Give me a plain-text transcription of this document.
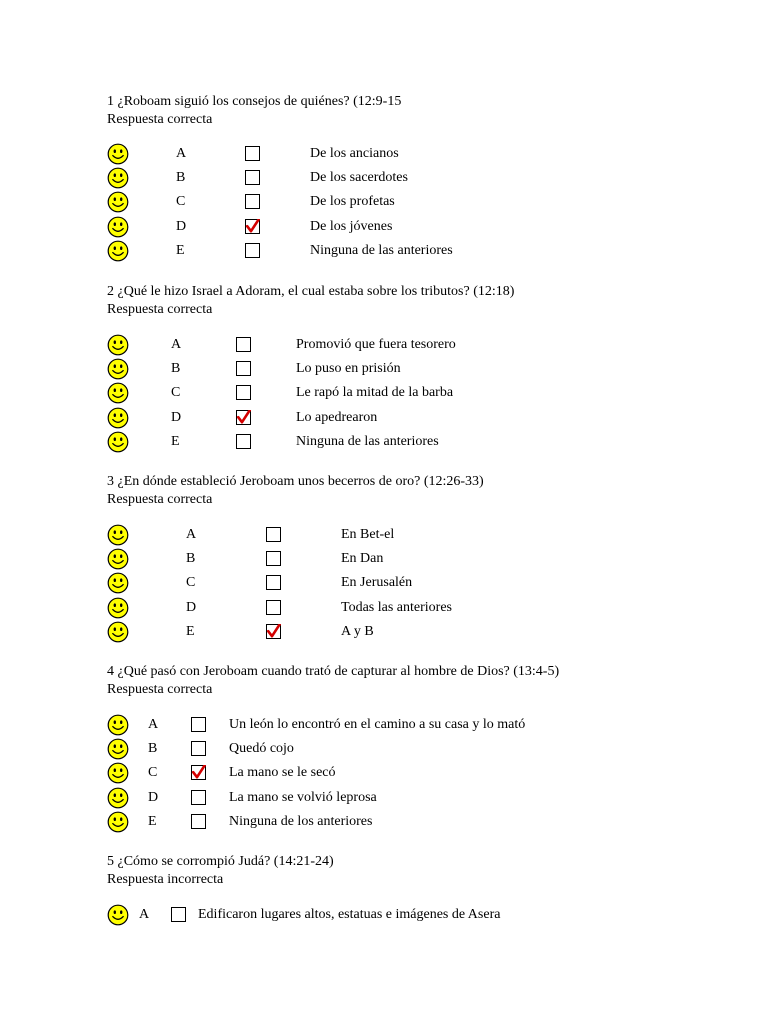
1 ¿Roboam siguió los consejos de quiénes? (12:9-15
Respuesta correcta
A	De los ancianos
B	De los sacerdotes
C	De los profetas
D	De los jóvenes
E	Ninguna de las anteriores
2 ¿Qué le hizo Israel a Adoram, el cual estaba sobre los tributos? (12:18)
Respuesta correcta
A	Promovió que fuera tesorero
B	Lo puso en prisión
C	Le rapó la mitad de la barba
D	Lo apedrearon
E	Ninguna de las anteriores
3 ¿En dónde estableció Jeroboam unos becerros de oro? (12:26-33)
Respuesta correcta
A	En Bet-el
B	En Dan
C	En Jerusalén
D	Todas las anteriores
E	A y B
4 ¿Qué pasó con Jeroboam cuando trató de capturar al hombre de Dios? (13:4-5)
Respuesta correcta
A	Un león lo encontró en el camino a su casa y lo mató
B	Quedó cojo
C	La mano se le secó
D	La mano se volvió leprosa
E	Ninguna de los anteriores
5 ¿Cómo se corrompió Judá? (14:21-24)
Respuesta incorrecta
A	Edificaron lugares altos, estatuas e imágenes de Asera
